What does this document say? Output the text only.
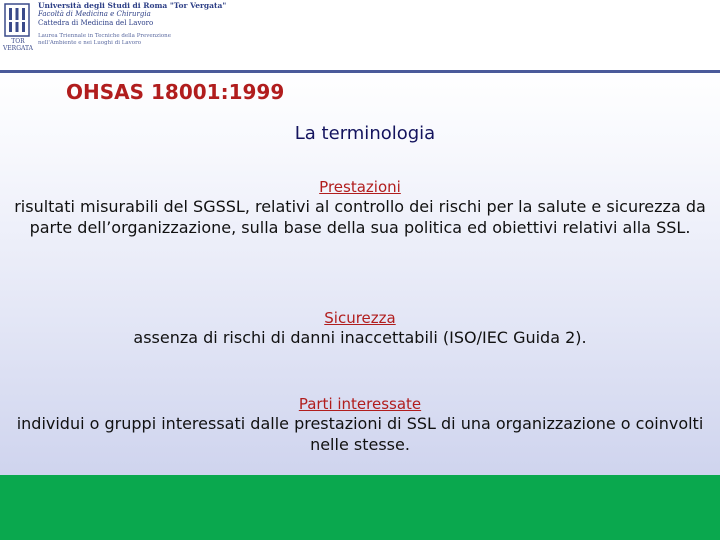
TOR VERGATA
Università degli Studi di Roma "Tor Vergata"
Facoltà di Medicina e Chirurgia
Cattedra di Medicina del Lavoro
Laurea Triennale in Tecniche della Prevenzione
nell'Ambiente e nei Luoghi di Lavoro
OHSAS 18001:1999
La terminologia
Prestazioni
risultati misurabili del SGSSL, relativi al controllo dei rischi per la salute e sicurezza da parte dell’organizzazione, sulla base della sua politica ed obiettivi relativi alla SSL.
Sicurezza
assenza di rischi di danni inaccettabili (ISO/IEC Guida 2).
Parti interessate
individui o gruppi interessati dalle prestazioni di SSL di una organizzazione o coinvolti nelle stesse.
